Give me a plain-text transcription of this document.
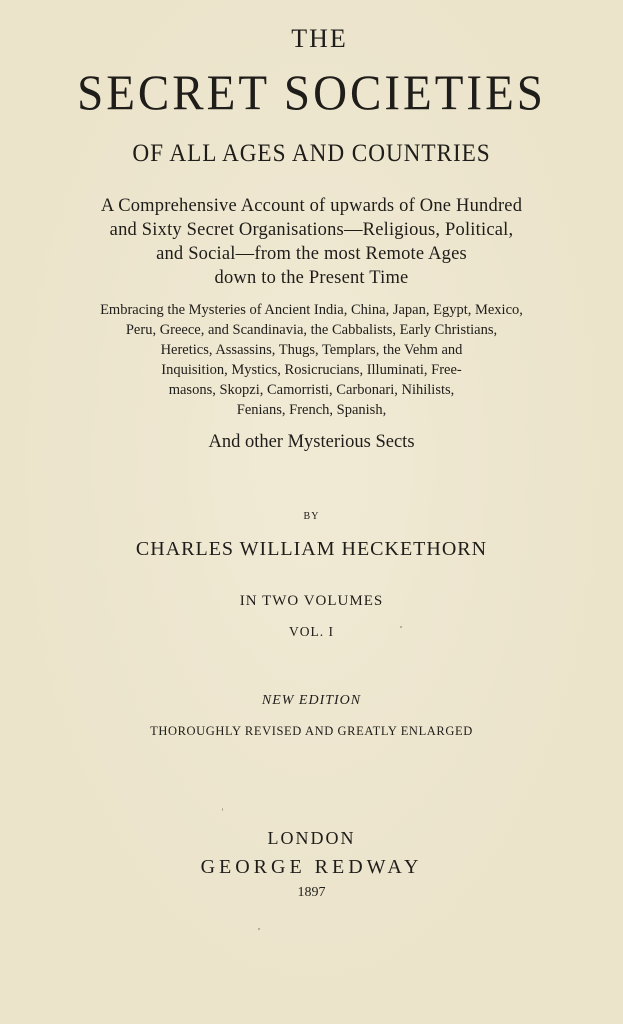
THE
SECRET SOCIETIES
OF ALL AGES AND COUNTRIES
A Comprehensive Account of upwards of One Hundred
and Sixty Secret Organisations—Religious, Political,
and Social—from the most Remote Ages
down to the Present Time
Embracing the Mysteries of Ancient India, China, Japan, Egypt, Mexico,
Peru, Greece, and Scandinavia, the Cabbalists, Early Christians,
Heretics, Assassins, Thugs, Templars, the Vehm and
Inquisition, Mystics, Rosicrucians, Illuminati, Free-
masons, Skopzi, Camorristi, Carbonari, Nihilists,
Fenians, French, Spanish,
And other Mysterious Sects
BY
CHARLES WILLIAM HECKETHORN
IN TWO VOLUMES
VOL. I
NEW EDITION
THOROUGHLY REVISED AND GREATLY ENLARGED
LONDON
GEORGE REDWAY
1897
